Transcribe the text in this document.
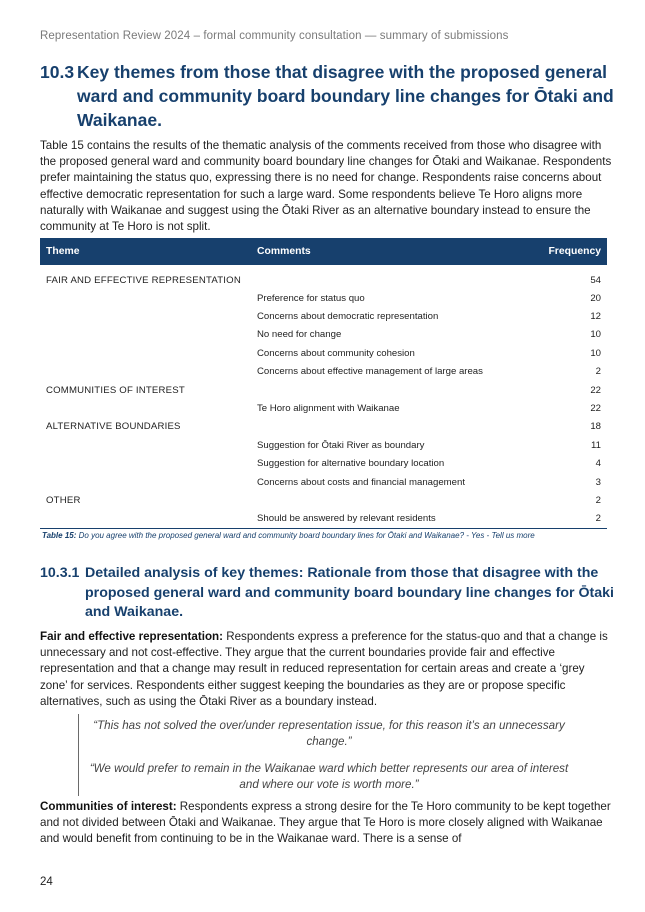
Representation Review 2024 – formal community consultation — summary of submissions
10.3 Key themes from those that disagree with the proposed general ward and community board boundary line changes for Ōtaki and Waikanae.

Table 15 contains the results of the thematic analysis of the comments received from those who disagree with the proposed general ward and community board boundary line changes for Ōtaki and Waikanae. Respondents prefer maintaining the status quo, expressing there is no need for change. Respondents raise concerns about effective democratic representation for such a large ward. Some respondents believe Te Horo aligns more naturally with Waikanae and suggest using the Ōtaki River as an alternative boundary instead to ensure the community at Te Horo is not split.

Theme	Comments	Frequency
FAIR AND EFFECTIVE REPRESENTATION		54
	Preference for status quo	20
	Concerns about democratic representation	12
	No need for change	10
	Concerns about community cohesion	10
	Concerns about effective management of large areas	2
COMMUNITIES OF INTEREST		22
	Te Horo alignment with Waikanae	22
ALTERNATIVE BOUNDARIES		18
	Suggestion for Ōtaki River as boundary	11
	Suggestion for alternative boundary location	4
	Concerns about costs and financial management	3
OTHER		2
	Should be answered by relevant residents	2
Table 15: Do you agree with the proposed general ward and community board boundary lines for Ōtaki and Waikanae? - Yes - Tell us more
10.3.1 Detailed analysis of key themes: Rationale from those that disagree with the proposed general ward and community board boundary line changes for Ōtaki and Waikanae.

Fair and effective representation: Respondents express a preference for the status-quo and that a change is unnecessary and not cost-effective. They argue that the current boundaries provide fair and effective representation and that a change may result in reduced representation for certain areas and create a ‘grey zone’ for services. Respondents either suggest keeping the boundaries as they are or propose specific alternatives, such as using the Ōtaki River as a boundary instead.

“This has not solved the over/under representation issue, for this reason it’s an unnecessary change.”

“We would prefer to remain in the Waikanae ward which better represents our area of interest and where our vote is worth more.”

Communities of interest: Respondents express a strong desire for the Te Horo community to be kept together and not divided between Ōtaki and Waikanae. They argue that Te Horo is more closely aligned with Waikanae and would benefit from continuing to be in the Waikanae ward. There is a sense of

24
